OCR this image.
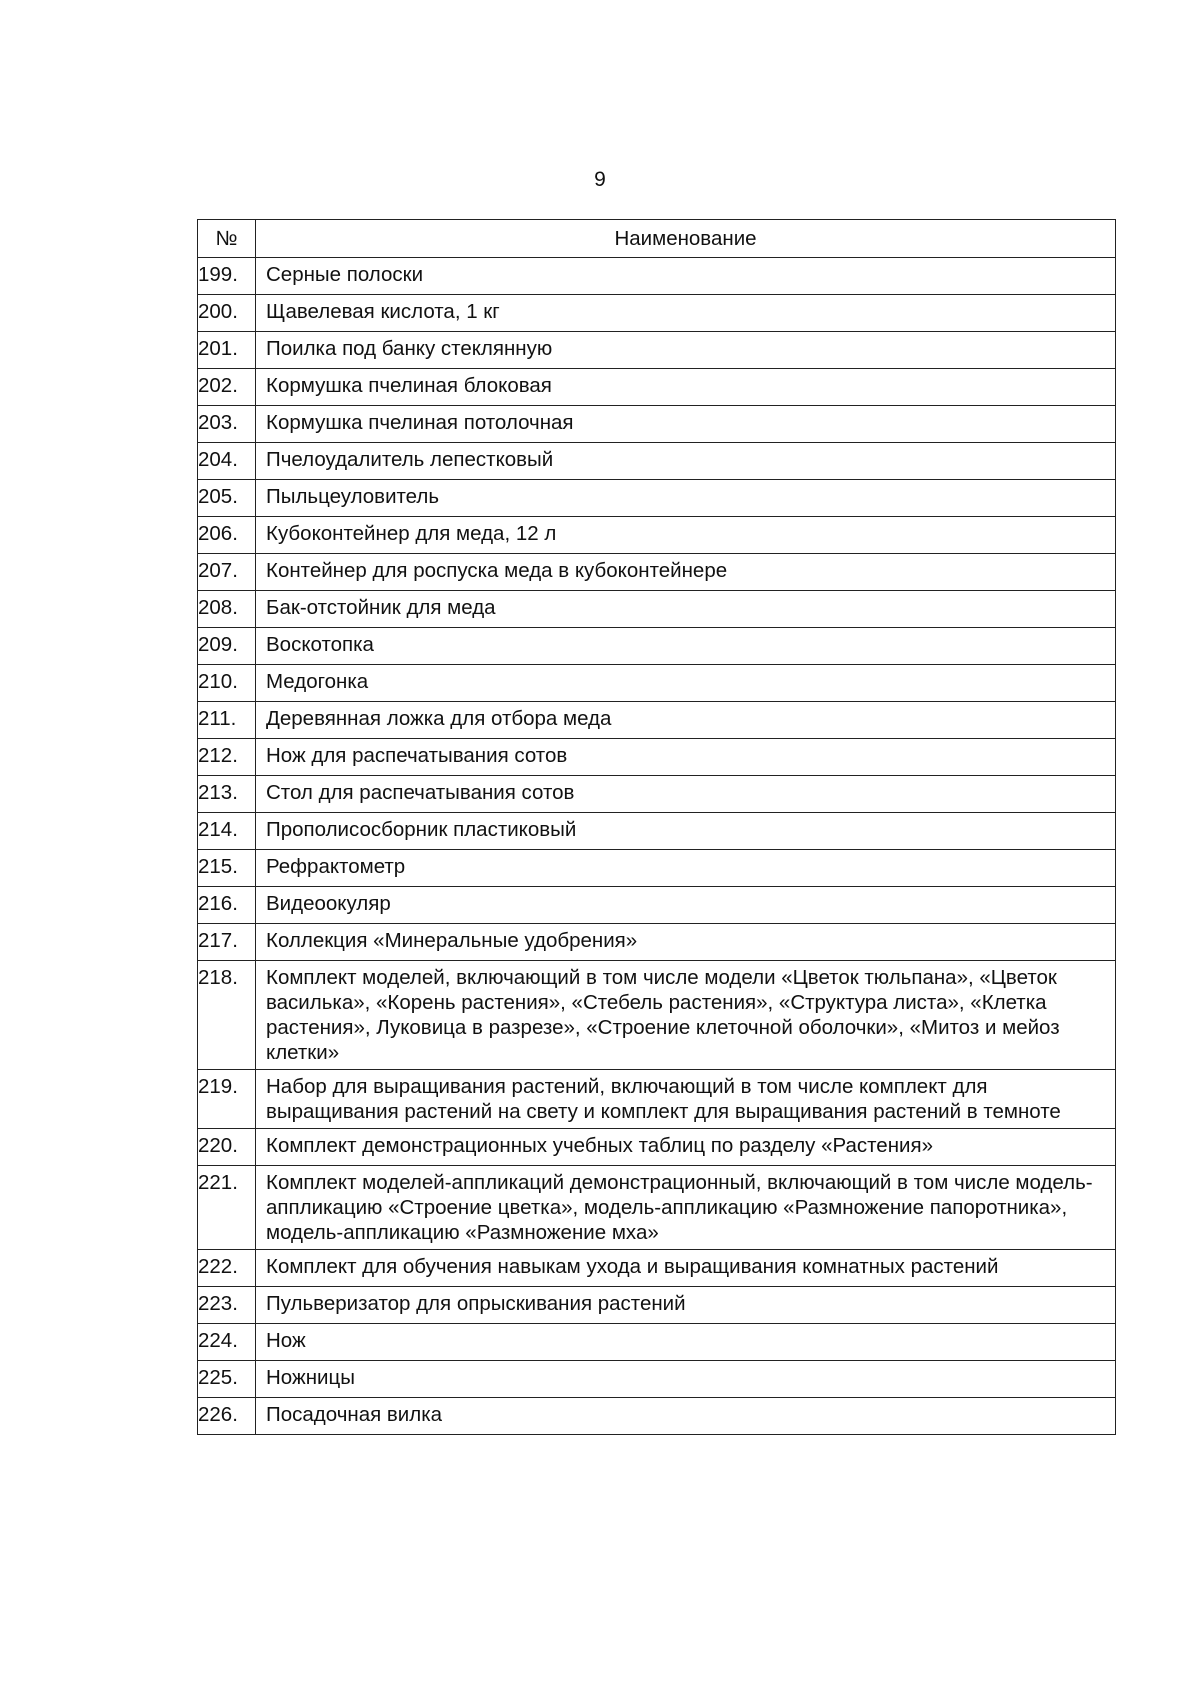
9
№	Наименование
199.	Серные полоски
200.	Щавелевая кислота, 1 кг
201.	Поилка под банку стеклянную
202.	Кормушка пчелиная блоковая
203.	Кормушка пчелиная потолочная
204.	Пчелоудалитель лепестковый
205.	Пыльцеуловитель
206.	Кубоконтейнер для меда, 12 л
207.	Контейнер для роспуска меда в кубоконтейнере
208.	Бак-отстойник для меда
209.	Воскотопка
210.	Медогонка
211.	Деревянная ложка для отбора меда
212.	Нож для распечатывания сотов
213.	Стол для распечатывания сотов
214.	Прополисосборник пластиковый
215.	Рефрактометр
216.	Видеоокуляр
217.	Коллекция «Минеральные удобрения»
218.	Комплект моделей, включающий в том числе модели «Цветок тюльпана», «Цветок василька», «Корень растения», «Стебель растения», «Структура листа», «Клетка растения», Луковица в разрезе», «Строение клеточной оболочки», «Митоз и мейоз клетки»
219.	Набор для выращивания растений, включающий в том числе комплект для выращивания растений на свету и комплект для выращивания растений в темноте
220.	Комплект демонстрационных учебных таблиц по разделу «Растения»
221.	Комплект моделей-аппликаций демонстрационный, включающий в том числе модель-аппликацию «Строение цветка», модель-аппликацию «Размножение папоротника», модель-аппликацию «Размножение мха»
222.	Комплект для обучения навыкам ухода и выращивания комнатных растений
223.	Пульверизатор для опрыскивания растений
224.	Нож
225.	Ножницы
226.	Посадочная вилка
